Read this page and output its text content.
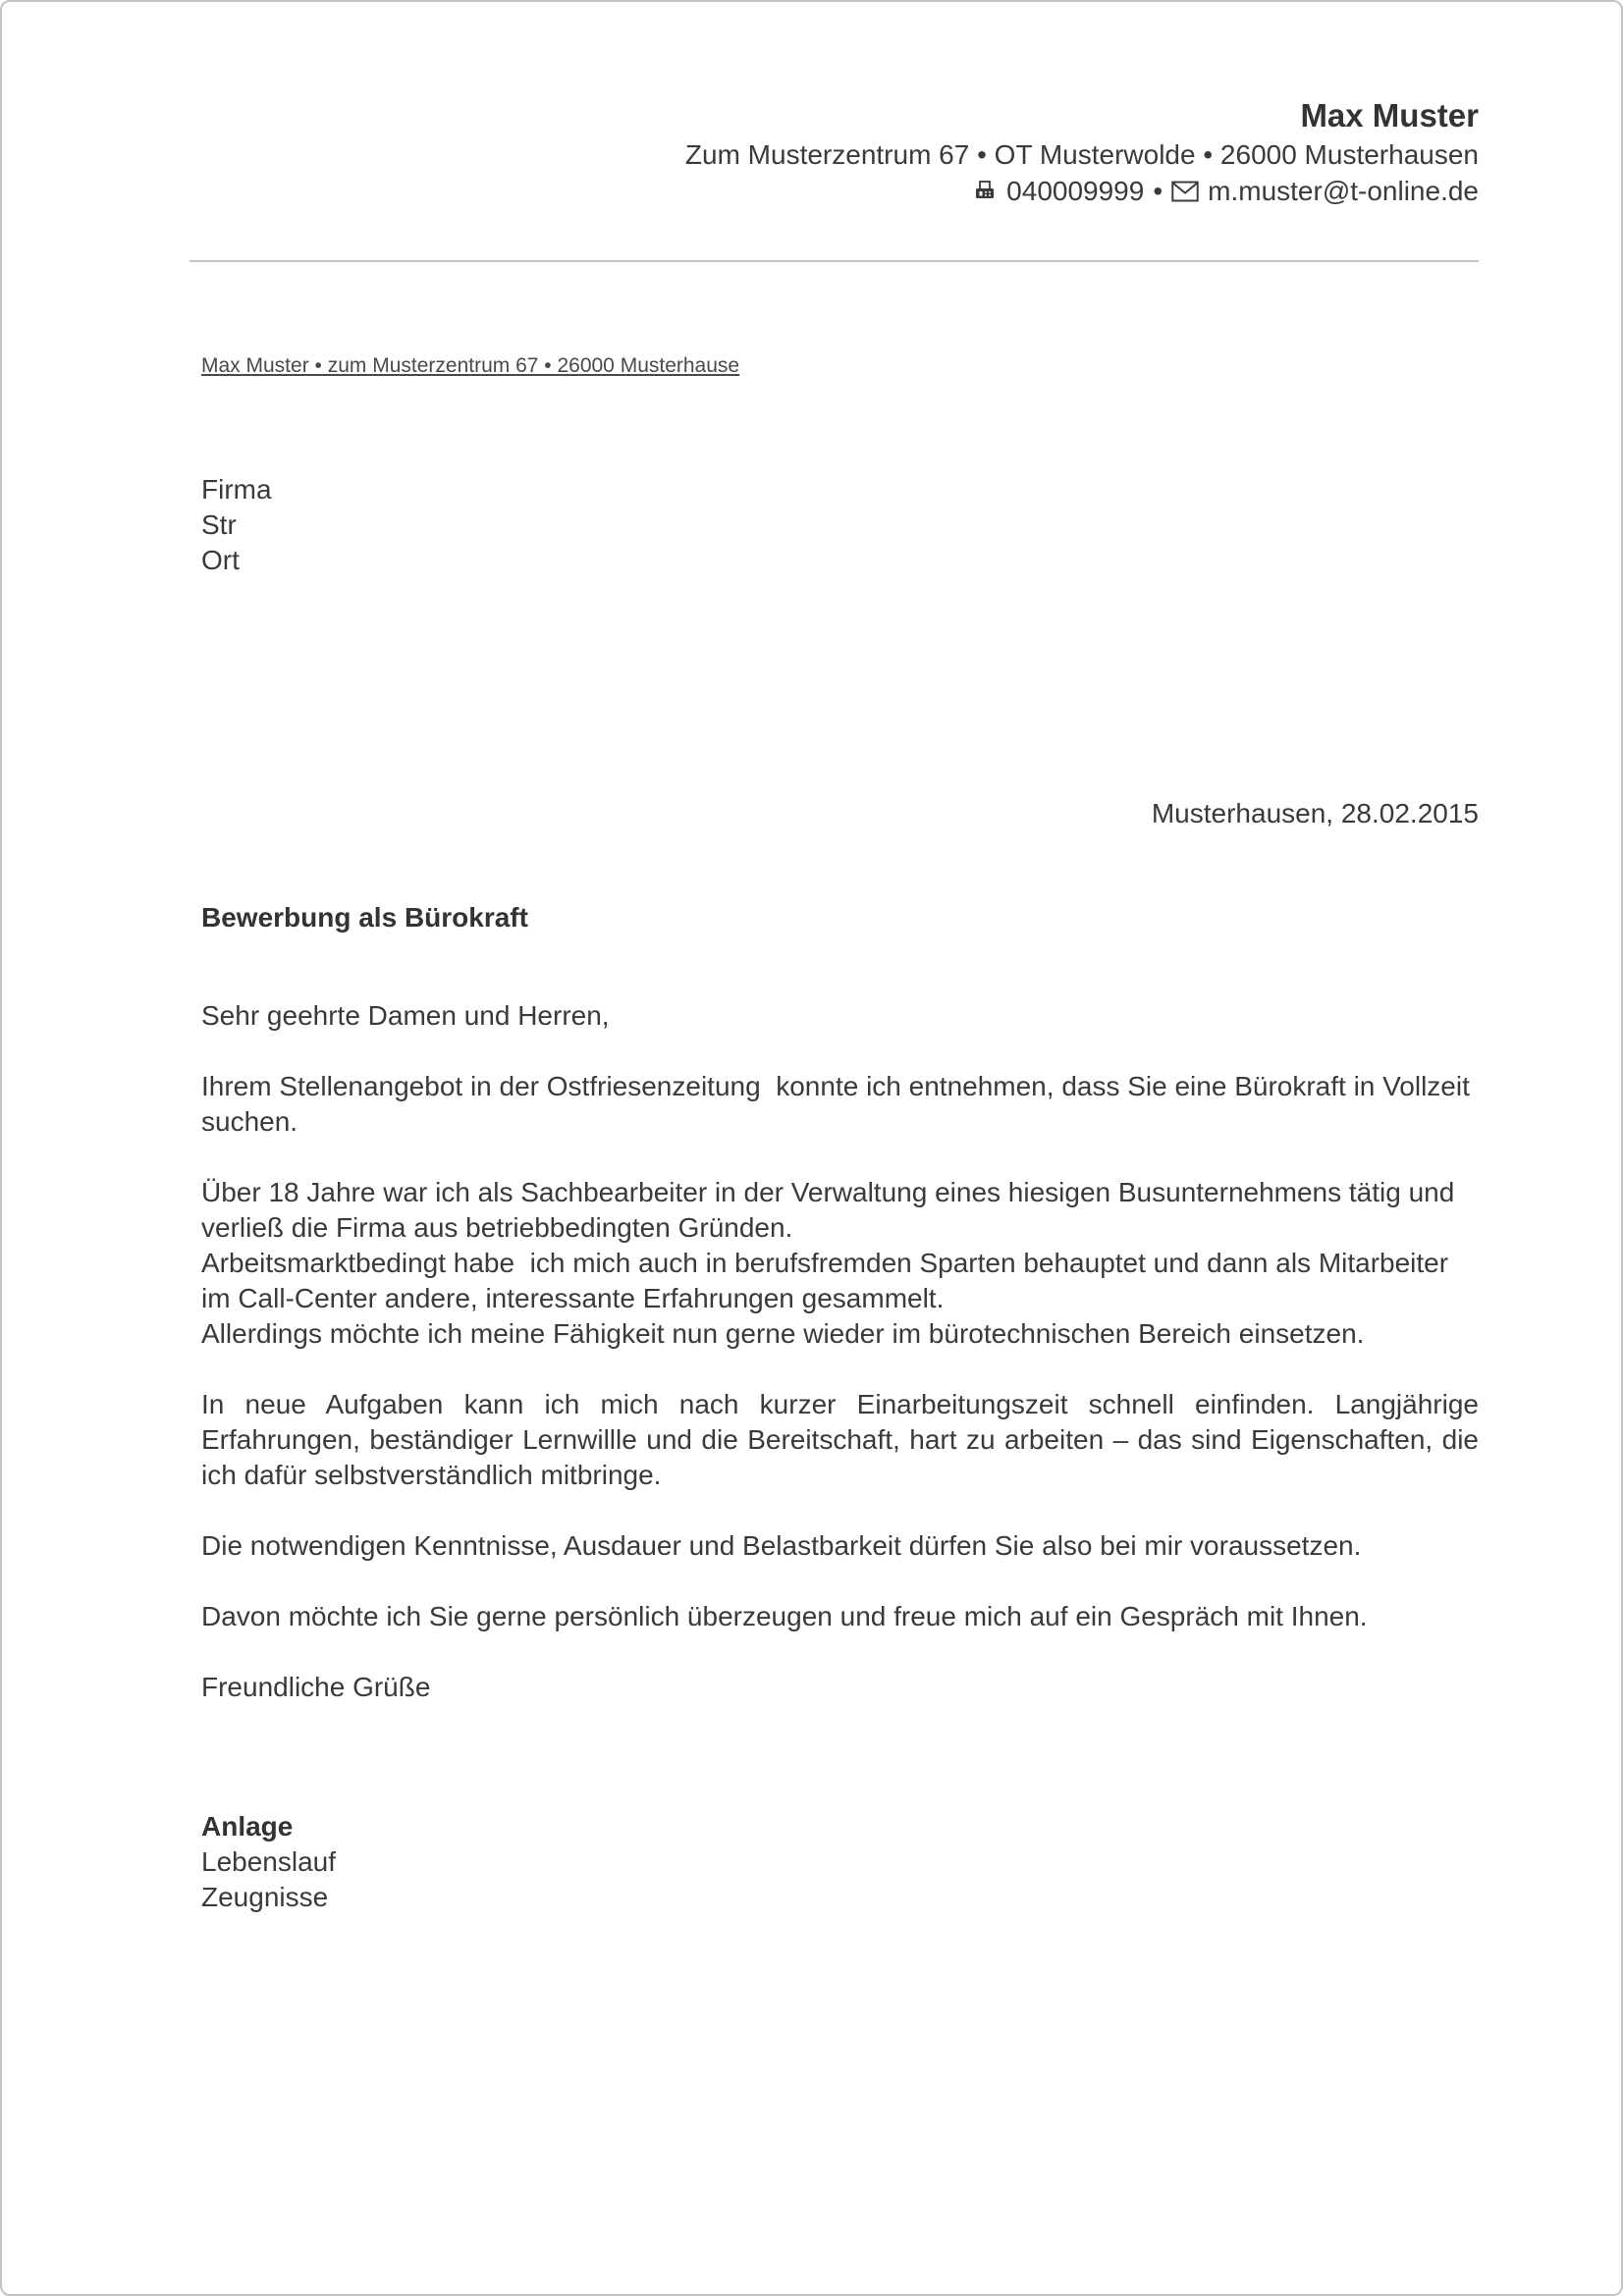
Max Muster
Zum Musterzentrum 67 • OT Musterwolde • 26000 Musterhausen
040009999 • m.muster@t-online.de
Max Muster • zum Musterzentrum 67 • 26000 Musterhause
Firma
Str
Ort
Musterhausen, 28.02.2015
Bewerbung als Bürokraft

Sehr geehrte Damen und Herren,

Ihrem Stellenangebot in der Ostfriesenzeitung  konnte ich entnehmen, dass Sie eine Bürokraft in Vollzeit suchen.

Über 18 Jahre war ich als Sachbearbeiter in der Verwaltung eines hiesigen Busunternehmens tätig und verließ die Firma aus betriebbedingten Gründen.

Arbeitsmarktbedingt habe  ich mich auch in berufsfremden Sparten behauptet und dann als Mitarbeiter im Call-Center andere, interessante Erfahrungen gesammelt.

Allerdings möchte ich meine Fähigkeit nun gerne wieder im bürotechnischen Bereich einsetzen.

In neue Aufgaben kann ich mich nach kurzer Einarbeitungszeit schnell einfinden. Langjährige Erfahrungen, beständiger Lernwillle und die Bereitschaft, hart zu arbeiten – das sind Eigenschaften, die ich dafür selbstverständlich mitbringe.

Die notwendigen Kenntnisse, Ausdauer und Belastbarkeit dürfen Sie also bei mir voraussetzen.

Davon möchte ich Sie gerne persönlich überzeugen und freue mich auf ein Gespräch mit Ihnen.

Freundliche Grüße

Anlage
Lebenslauf
Zeugnisse
